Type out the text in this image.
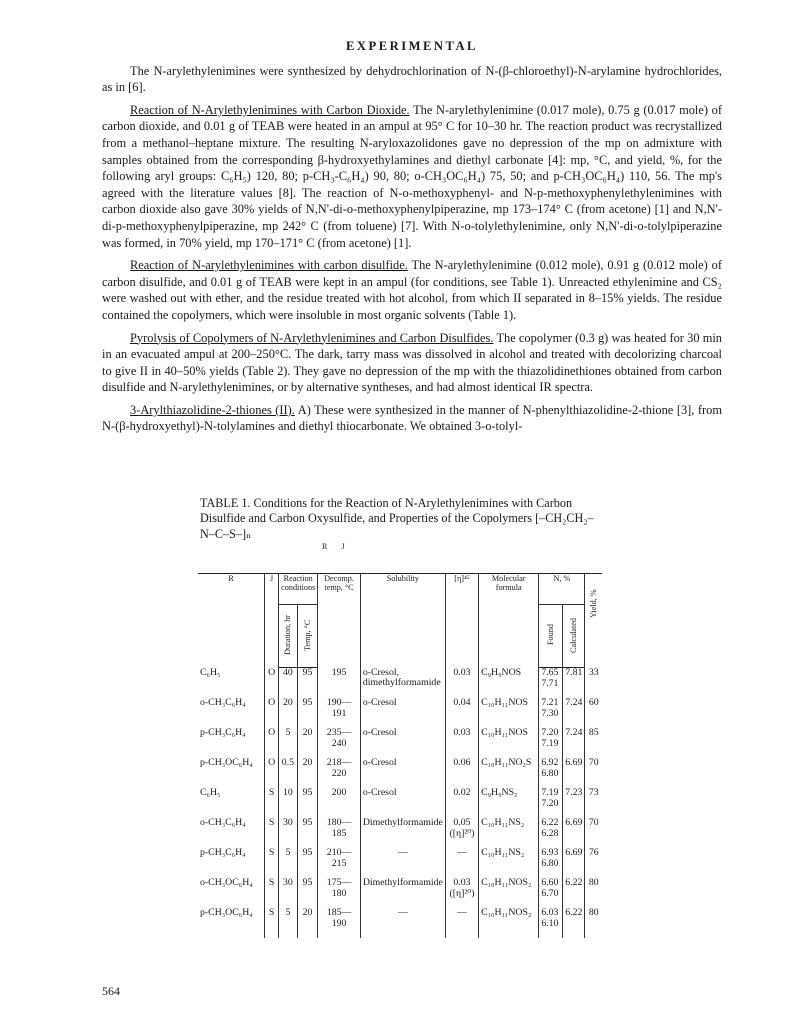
EXPERIMENTAL

The N-arylethylenimines were synthesized by dehydrochlorination of N-(β-chloroethyl)-N-arylamine hydrochlorides, as in [6].

Reaction of N-Arylethylenimines with Carbon Dioxide. The N-arylethylenimine (0.017 mole), 0.75 g (0.017 mole) of carbon dioxide, and 0.01 g of TEAB were heated in an ampul at 95° C for 10–30 hr. The reaction product was recrystallized from a methanol–heptane mixture. The resulting N-aryloxazolidones gave no depression of the mp on admixture with samples obtained from the corresponding β-hydroxyethylamines and diethyl carbonate [4]: mp, °C, and yield, %, for the following aryl groups: C₆H₅) 120, 80; p-CH₃-C₆H₄) 90, 80; o-CH₃OC₆H₄) 75, 50; and p-CH₃OC₆H₄) 110, 56. The mp's agreed with the literature values [8]. The reaction of N-o-methoxyphenyl- and N-p-methoxyphenylethylenimines with carbon dioxide also gave 30% yields of N,N'-di-o-methoxyphenylpiperazine, mp 173–174° C (from acetone) [1] and N,N'-di-p-methoxyphenylpiperazine, mp 242° C (from toluene) [7]. With N-o-tolylethylenimine, only N,N'-di-o-tolylpiperazine was formed, in 70% yield, mp 170–171° C (from acetone) [1].

Reaction of N-arylethylenimines with carbon disulfide. The N-arylethylenimine (0.012 mole), 0.91 g (0.012 mole) of carbon disulfide, and 0.01 g of TEAB were kept in an ampul (for conditions, see Table 1). Unreacted ethylenimine and CS₂ were washed out with ether, and the residue treated with hot alcohol, from which II separated in 8–15% yields. The residue contained the copolymers, which were insoluble in most organic solvents (Table 1).

Pyrolysis of Copolymers of N-Arylethylenimines and Carbon Disulfides. The copolymer (0.3 g) was heated for 30 min in an evacuated ampul at 200–250°C. The dark, tarry mass was dissolved in alcohol and treated with decolorizing charcoal to give II in 40–50% yields (Table 2). They gave no depression of the mp with the thiazolidinethiones obtained from carbon disulfide and N-arylethylenimines, or by alternative syntheses, and had almost identical IR spectra.

3-Arylthiazolidine-2-thiones (II). A) These were synthesized in the manner of N-phenylthiazolidine-2-thione [3], from N-(β-hydroxyethyl)-N-tolylamines and diethyl thiocarbonate. We obtained 3-o-tolyl-

TABLE 1. Conditions for the Reaction of N-Arylethylenimines with Carbon Disulfide and Carbon Oxysulfide, and Properties of the Copolymers [–CH₂CH₂–N–C–S–]ₙ
R J
R	J	Reaction conditions		Decomp. temp, °C	Solubility	[η]⁴⁵	Molecular formula	N, %		Yield, %
		Duration, hr	Temp, °C					Found	Calculated	
C₆H₅	O	40	95	195	o-Cresol, dimethylformamide	0.03	C₉H₉NOS	7.65 7.71	7.81	33
o-CH₃C₆H₄	O	20	95	190—191	o-Cresol	0.04	C₁₀H₁₁NOS	7.21 7.30	7.24	60
p-CH₃C₆H₄	O	5	20	235—240	o-Cresol	0.03	C₁₀H₁₁NOS	7.20 7.19	7.24	85
p-CH₃OC₆H₄	O	0.5	20	218—220	o-Cresol	0.06	C₁₀H₁₁NO₂S	6.92 6.80	6.69	70
C₆H₅	S	10	95	200	o-Cresol	0.02	C₉H₉NS₂	7.19 7.20	7.23	73
o-CH₃C₆H₄	S	30	95	180—185	Dimethylformamide	0.05 ([η]²⁰)	C₁₀H₁₁NS₂	6.22 6.28	6.69	70
p-CH₃C₆H₄	S	5	95	210—215	—	—	C₁₀H₁₁NS₂	6.93 6.80	6.69	76
o-CH₃OC₆H₄	S	30	95	175—180	Dimethylformamide	0.03 ([η]²⁰)	C₁₀H₁₁NOS₂	6.60 6.70	6.22	80
p-CH₃OC₆H₄	S	5	20	185—190	—	—	C₁₀H₁₁NOS₂	6.03 6.10	6.22	80
564
